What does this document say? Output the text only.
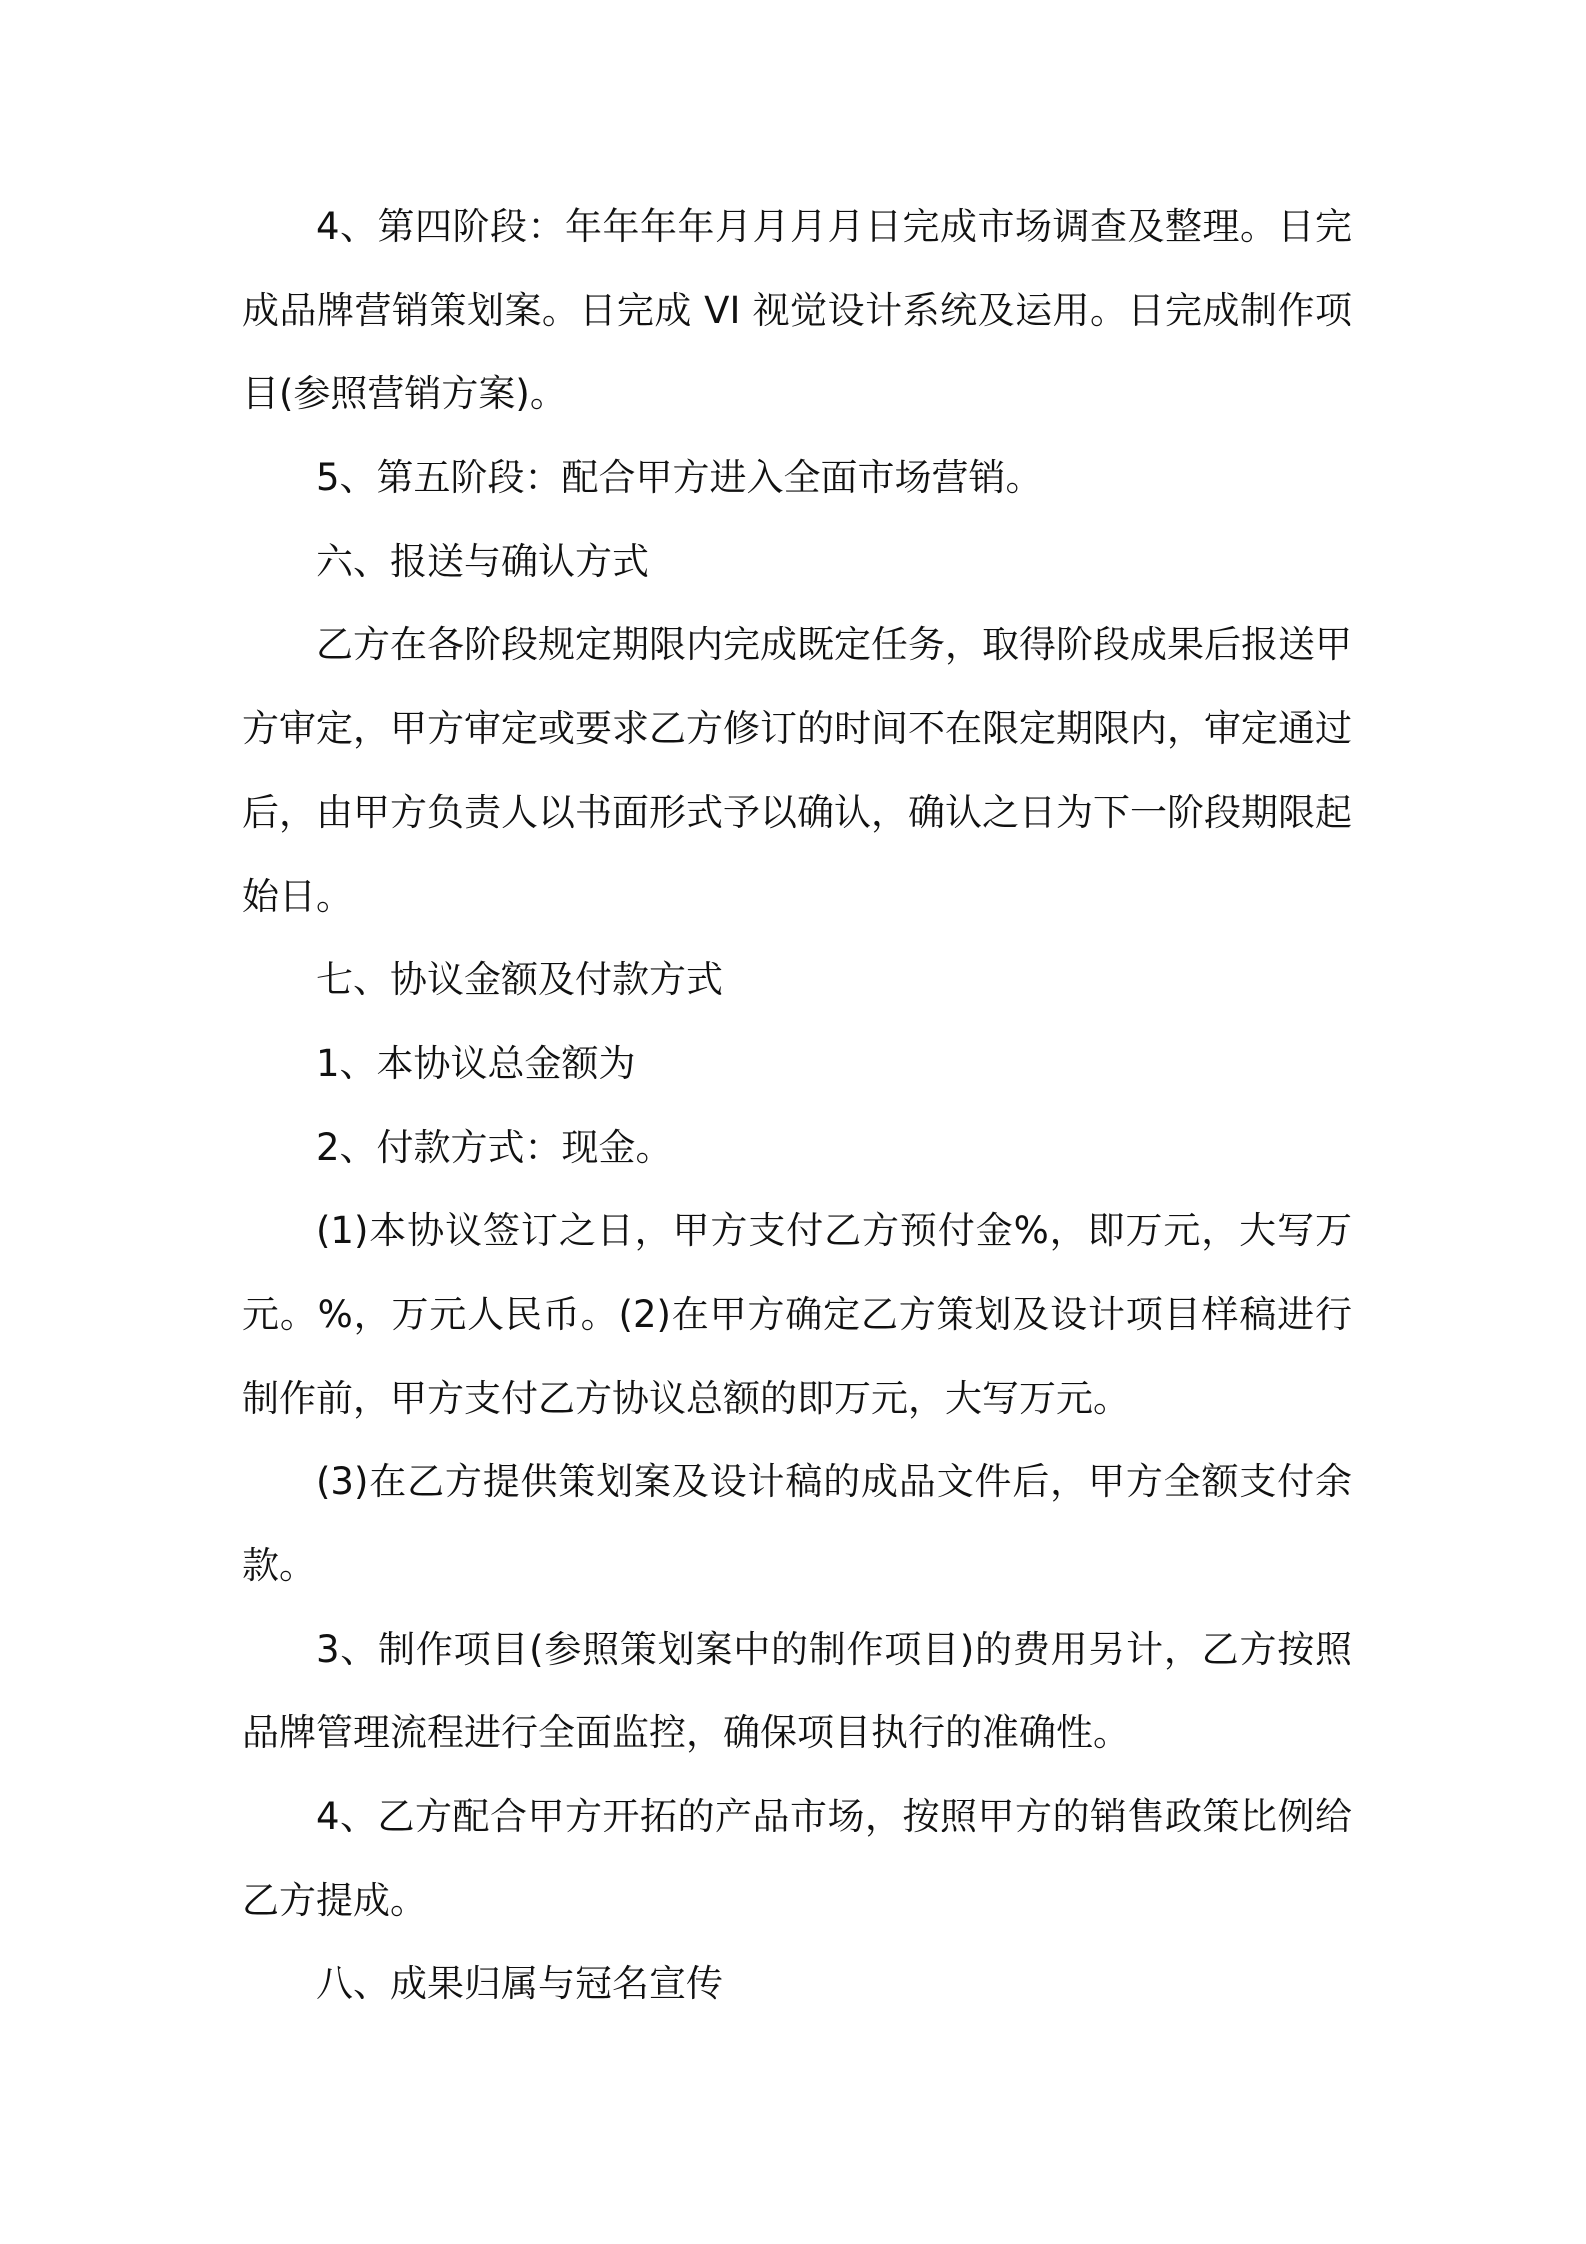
4、第四阶段：年年年年月月月月日完成市场调查及整理。日完
成品牌营销策划案。日完成 VI 视觉设计系统及运用。日完成制作项
目(参照营销方案)。
5、第五阶段：配合甲方进入全面市场营销。
六、报送与确认方式
乙方在各阶段规定期限内完成既定任务，取得阶段成果后报送甲
方审定，甲方审定或要求乙方修订的时间不在限定期限内，审定通过
后，由甲方负责人以书面形式予以确认，确认之日为下一阶段期限起
始日。
七、协议金额及付款方式
1、本协议总金额为
2、付款方式：现金。
(1)本协议签订之日，甲方支付乙方预付金%，即万元，大写万
元。%，万元人民币。(2)在甲方确定乙方策划及设计项目样稿进行
制作前，甲方支付乙方协议总额的即万元，大写万元。
(3)在乙方提供策划案及设计稿的成品文件后，甲方全额支付余
款。
3、制作项目(参照策划案中的制作项目)的费用另计，乙方按照
品牌管理流程进行全面监控，确保项目执行的准确性。
4、乙方配合甲方开拓的产品市场，按照甲方的销售政策比例给
乙方提成。
八、成果归属与冠名宣传
